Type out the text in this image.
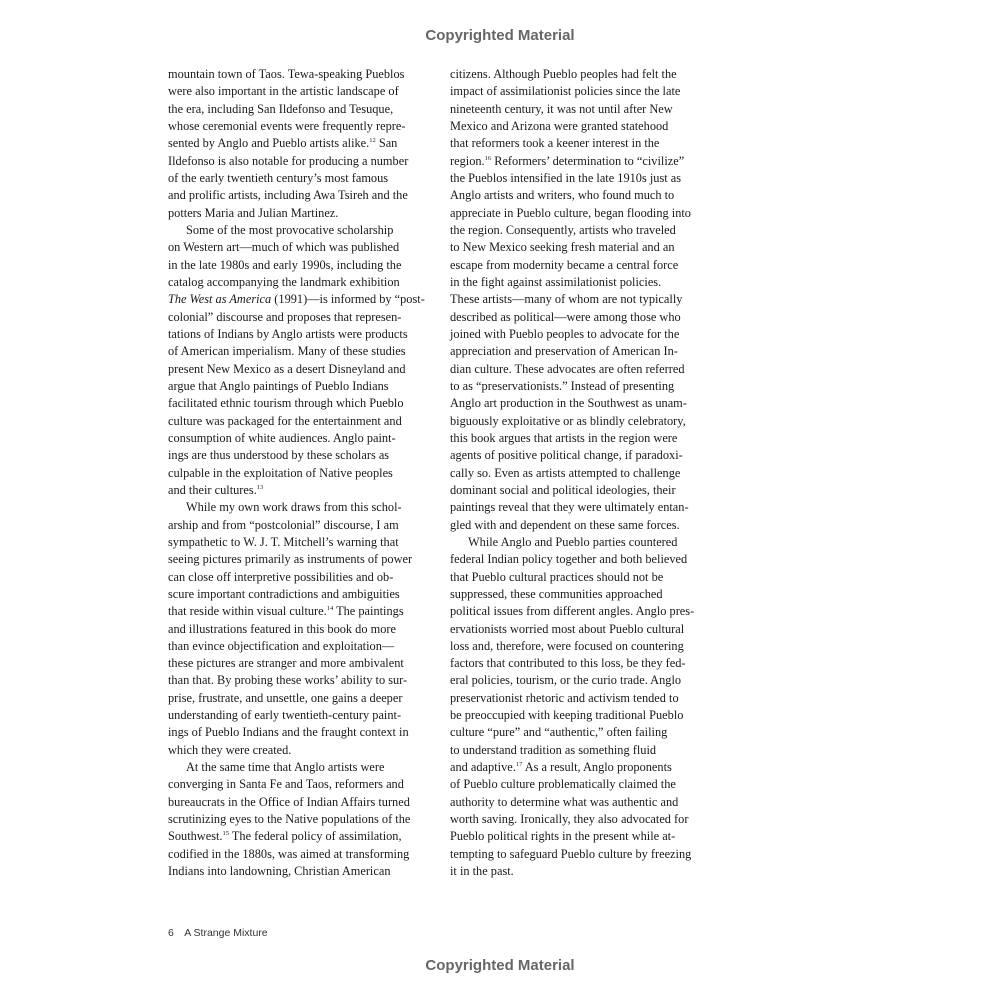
Copyrighted Material
mountain town of Taos. Tewa-speaking Pueblos
were also important in the artistic landscape of
the era, including San Ildefonso and Tesuque,
whose ceremonial events were frequently repre-
sented by Anglo and Pueblo artists alike.$^{12}$ San
Ildefonso is also notable for producing a number
of the early twentieth century’s most famous
and prolific artists, including Awa Tsireh and the
potters Maria and Julian Martinez.
Some of the most provocative scholarship
on Western art—much of which was published
in the late 1980s and early 1990s, including the
catalog accompanying the landmark exhibition
The West as America (1991)—is informed by “post-
colonial” discourse and proposes that represen-
tations of Indians by Anglo artists were products
of American imperialism. Many of these studies
present New Mexico as a desert Disneyland and
argue that Anglo paintings of Pueblo Indians
facilitated ethnic tourism through which Pueblo
culture was packaged for the entertainment and
consumption of white audiences. Anglo paint-
ings are thus understood by these scholars as
culpable in the exploitation of Native peoples
and their cultures.$^{13}$
While my own work draws from this schol-
arship and from “postcolonial” discourse, I am
sympathetic to W. J. T. Mitchell’s warning that
seeing pictures primarily as instruments of power
can close off interpretive possibilities and ob-
scure important contradictions and ambiguities
that reside within visual culture.$^{14}$ The paintings
and illustrations featured in this book do more
than evince objectification and exploitation—
these pictures are stranger and more ambivalent
than that. By probing these works’ ability to sur-
prise, frustrate, and unsettle, one gains a deeper
understanding of early twentieth-century paint-
ings of Pueblo Indians and the fraught context in
which they were created.
At the same time that Anglo artists were
converging in Santa Fe and Taos, reformers and
bureaucrats in the Office of Indian Affairs turned
scrutinizing eyes to the Native populations of the
Southwest.$^{15}$ The federal policy of assimilation,
codified in the 1880s, was aimed at transforming
Indians into landowning, Christian American
citizens. Although Pueblo peoples had felt the
impact of assimilationist policies since the late
nineteenth century, it was not until after New
Mexico and Arizona were granted statehood
that reformers took a keener interest in the
region.$^{16}$ Reformers’ determination to “civilize”
the Pueblos intensified in the late 1910s just as
Anglo artists and writers, who found much to
appreciate in Pueblo culture, began flooding into
the region. Consequently, artists who traveled
to New Mexico seeking fresh material and an
escape from modernity became a central force
in the fight against assimilationist policies.
These artists—many of whom are not typically
described as political—were among those who
joined with Pueblo peoples to advocate for the
appreciation and preservation of American In-
dian culture. These advocates are often referred
to as “preservationists.” Instead of presenting
Anglo art production in the Southwest as unam-
biguously exploitative or as blindly celebratory,
this book argues that artists in the region were
agents of positive political change, if paradoxi-
cally so. Even as artists attempted to challenge
dominant social and political ideologies, their
paintings reveal that they were ultimately entan-
gled with and dependent on these same forces.
While Anglo and Pueblo parties countered
federal Indian policy together and both believed
that Pueblo cultural practices should not be
suppressed, these communities approached
political issues from different angles. Anglo pres-
ervationists worried most about Pueblo cultural
loss and, therefore, were focused on countering
factors that contributed to this loss, be they fed-
eral policies, tourism, or the curio trade. Anglo
preservationist rhetoric and activism tended to
be preoccupied with keeping traditional Pueblo
culture “pure” and “authentic,” often failing
to understand tradition as something fluid
and adaptive.$^{17}$ As a result, Anglo proponents
of Pueblo culture problematically claimed the
authority to determine what was authentic and
worth saving. Ironically, they also advocated for
Pueblo political rights in the present while at-
tempting to safeguard Pueblo culture by freezing
it in the past.
6 A Strange Mixture
Copyrighted Material
